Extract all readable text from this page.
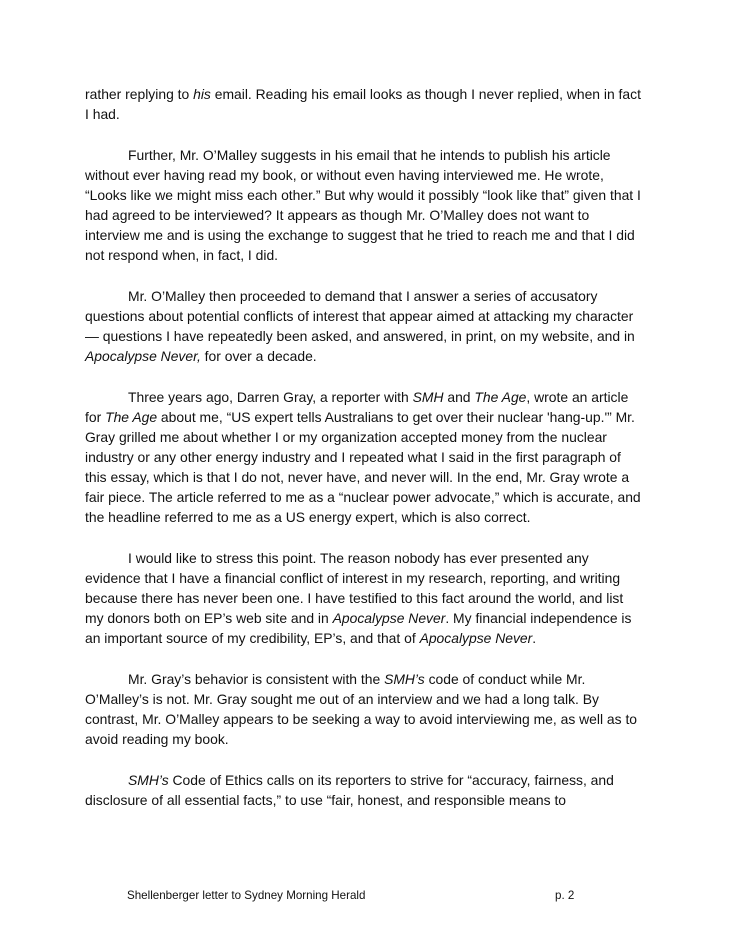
rather replying to his email. Reading his email looks as though I never replied, when in fact I had.

Further, Mr. O’Malley suggests in his email that he intends to publish his article without ever having read my book, or without even having interviewed me. He wrote, “Looks like we might miss each other.” But why would it possibly “look like that” given that I had agreed to be interviewed? It appears as though Mr. O’Malley does not want to interview me and is using the exchange to suggest that he tried to reach me and that I did not respond when, in fact, I did.

Mr. O’Malley then proceeded to demand that I answer a series of accusatory questions about potential conflicts of interest that appear aimed at attacking my character — questions I have repeatedly been asked, and answered, in print, on my website, and in Apocalypse Never, for over a decade.

Three years ago, Darren Gray, a reporter with SMH and The Age, wrote an article for The Age about me, “US expert tells Australians to get over their nuclear 'hang-up.'” Mr. Gray grilled me about whether I or my organization accepted money from the nuclear industry or any other energy industry and I repeated what I said in the first paragraph of this essay, which is that I do not, never have, and never will. In the end, Mr. Gray wrote a fair piece. The article referred to me as a “nuclear power advocate,” which is accurate, and the headline referred to me as a US energy expert, which is also correct.

I would like to stress this point. The reason nobody has ever presented any evidence that I have a financial conflict of interest in my research, reporting, and writing because there has never been one. I have testified to this fact around the world, and list my donors both on EP’s web site and in Apocalypse Never. My financial independence is an important source of my credibility, EP’s, and that of Apocalypse Never.

Mr. Gray’s behavior is consistent with the SMH’s code of conduct while Mr. O’Malley’s is not. Mr. Gray sought me out of an interview and we had a long talk. By contrast, Mr. O’Malley appears to be seeking a way to avoid interviewing me, as well as to avoid reading my book.

SMH’s Code of Ethics calls on its reporters to strive for “accuracy, fairness, and disclosure of all essential facts,” to use “fair, honest, and responsible means to

Shellenberger letter to Sydney Morning Herald	p. 2
